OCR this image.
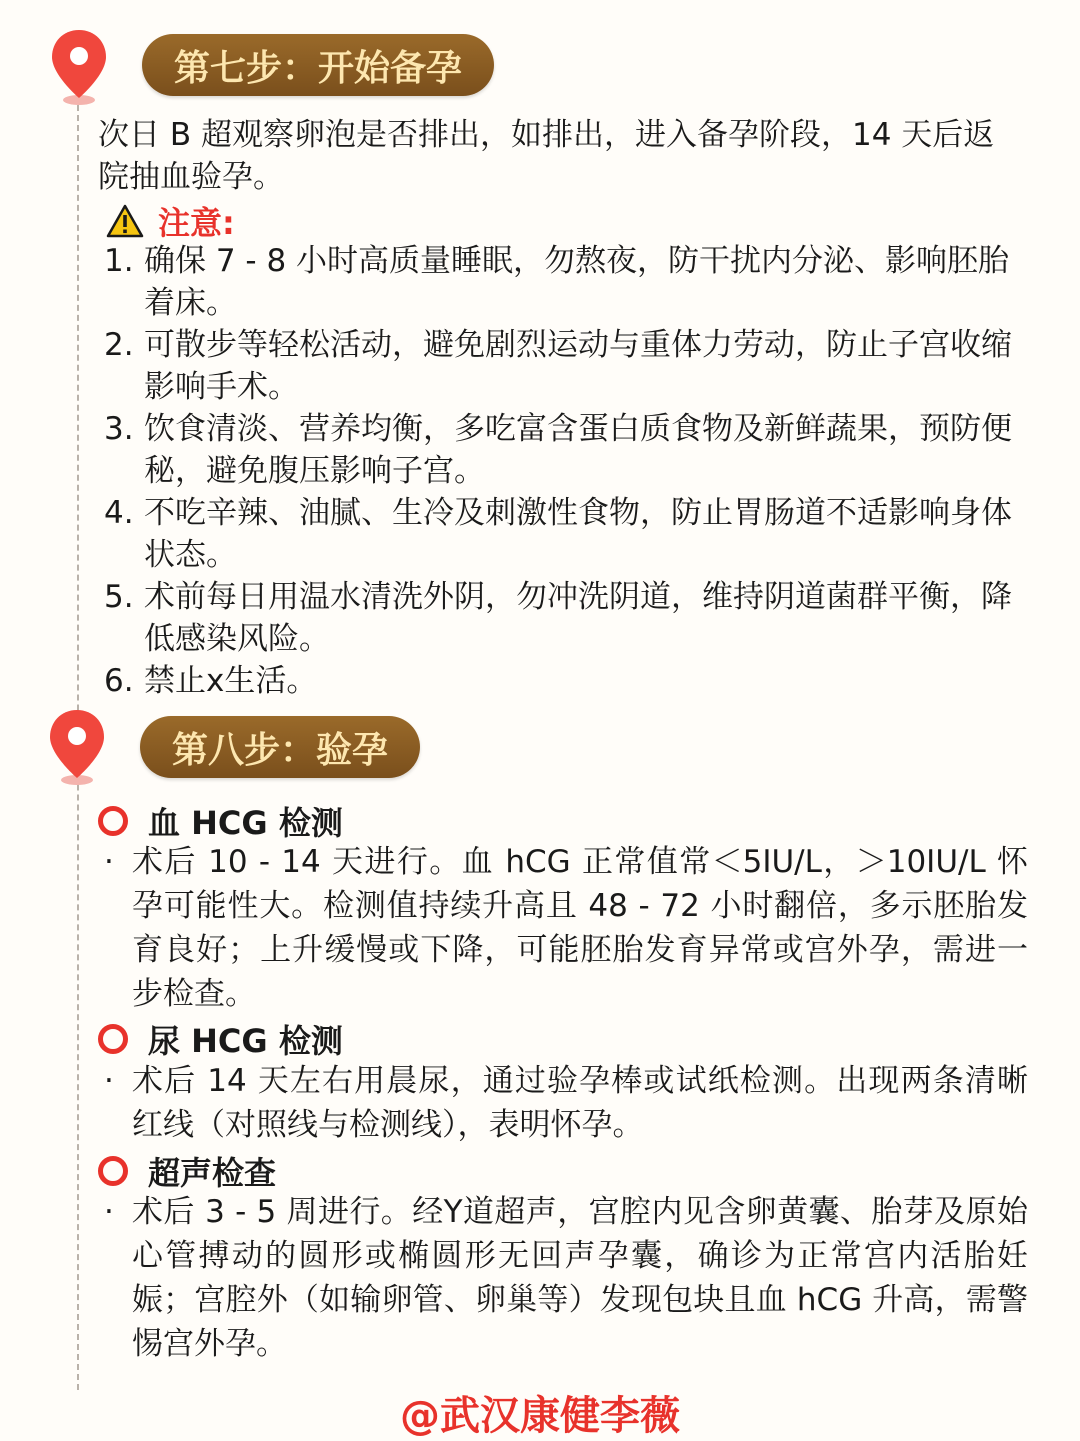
第七步：开始备孕

次日 B 超观察卵泡是否排出，如排出，进入备孕阶段，14 天后返院抽血验孕。

注意:
1. 确保 7 - 8 小时高质量睡眠，勿熬夜，防干扰内分泌、影响胚胎着床。
2. 可散步等轻松活动，避免剧烈运动与重体力劳动，防止子宫收缩影响手术。
3. 饮食清淡、营养均衡，多吃富含蛋白质食物及新鲜蔬果，预防便秘，避免腹压影响子宫。
4. 不吃辛辣、油腻、生冷及刺激性食物，防止胃肠道不适影响身体状态。
5. 术前每日用温水清洗外阴，勿冲洗阴道，维持阴道菌群平衡，降低感染风险。
6. 禁止x生活。
第八步：验孕
血 HCG 检测

· 术后 10 - 14 天进行。血 hCG 正常值常＜5IU/L，＞10IU/L 怀孕可能性大。检测值持续升高且 48 - 72 小时翻倍，多示胚胎发育良好；上升缓慢或下降，可能胚胎发育异常或宫外孕，需进一步检查。

尿 HCG 检测

· 术后 14 天左右用晨尿，通过验孕棒或试纸检测。出现两条清晰红线（对照线与检测线），表明怀孕。

超声检查

· 术后 3 - 5 周进行。经Y道超声，宫腔内见含卵黄囊、胎芽及原始心管搏动的圆形或椭圆形无回声孕囊，确诊为正常宫内活胎妊娠；宫腔外（如输卵管、卵巢等）发现包块且血 hCG 升高，需警惕宫外孕。

@武汉康健李薇
